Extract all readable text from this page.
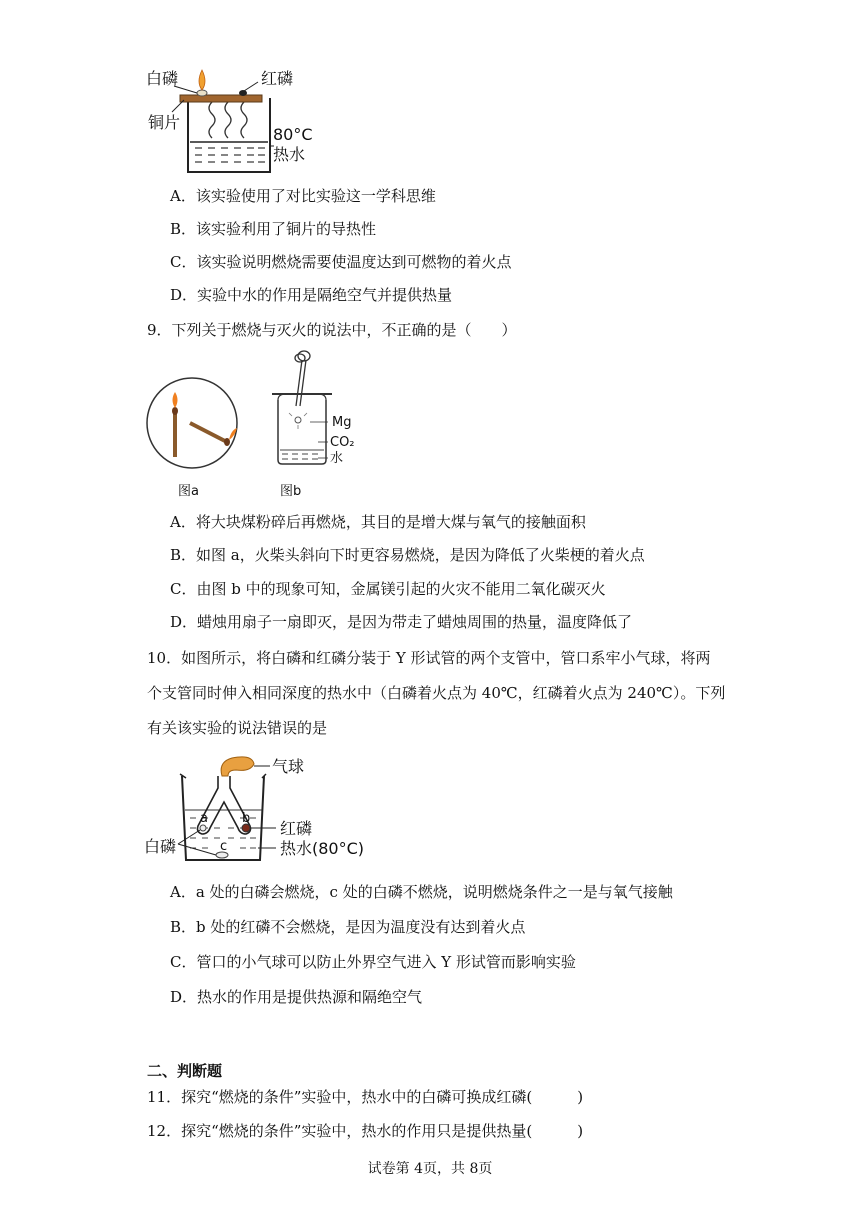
白磷	红磷
铜片
80°C
热水
A．该实验使用了对比实验这一学科思维
B．该实验利用了铜片的导热性
C．该实验说明燃烧需要使温度达到可燃物的着火点
D．实验中水的作用是隔绝空气并提供热量
9．下列关于燃烧与灭火的说法中，不正确的是（　　）
图a
Mg
CO₂
水
图b
A．将大块煤粉碎后再燃烧，其目的是增大煤与氧气的接触面积
B．如图 a，火柴头斜向下时更容易燃烧，是因为降低了火柴梗的着火点
C．由图 b 中的现象可知，金属镁引起的火灾不能用二氧化碳灭火
D．蜡烛用扇子一扇即灭，是因为带走了蜡烛周围的热量，温度降低了
10．如图所示，将白磷和红磷分装于 Y 形试管的两个支管中，管口系牢小气球，将两
个支管同时伸入相同深度的热水中（白磷着火点为 40℃，红磷着火点为 240℃）。下列
有关该实验的说法错误的是
气球
a	b
c
红磷
白磷	热水(80°C)
A．a 处的白磷会燃烧，c 处的白磷不燃烧，说明燃烧条件之一是与氧气接触
B．b 处的红磷不会燃烧，是因为温度没有达到着火点
C．管口的小气球可以防止外界空气进入 Y 形试管而影响实验
D．热水的作用是提供热源和隔绝空气
二、判断题
11．探究“燃烧的条件”实验中，热水中的白磷可换成红磷(　　　)
12．探究“燃烧的条件”实验中，热水的作用只是提供热量(　　　)
试卷第 4页，共 8页
